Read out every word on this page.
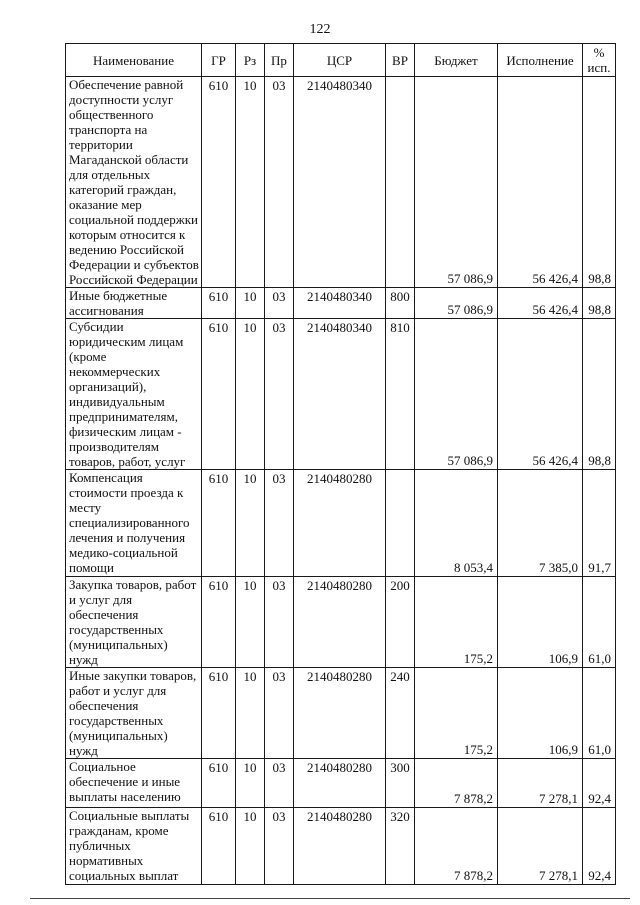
122
Наименование	ГР	Рз	Пр	ЦСР	ВР	Бюджет	Исполнение	% исп.
Обеспечение равной доступности услуг общественного транспорта на территории Магаданской области для отдельных категорий граждан, оказание мер социальной поддержки которым относится к ведению Российской Федерации и субъектов Российской Федерации	610	10	03	2140480340		57 086,9	56 426,4	98,8
Иные бюджетные ассигнования	610	10	03	2140480340	800	57 086,9	56 426,4	98,8
Субсидии юридическим лицам (кроме некоммерческих организаций), индивидуальным предпринимателям, физическим лицам - производителям товаров, работ, услуг	610	10	03	2140480340	810	57 086,9	56 426,4	98,8
Компенсация стоимости проезда к месту специализированного лечения и получения медико-социальной помощи	610	10	03	2140480280		8 053,4	7 385,0	91,7
Закупка товаров, работ и услуг для обеспечения государственных (муниципальных) нужд	610	10	03	2140480280	200	175,2	106,9	61,0
Иные закупки товаров, работ и услуг для обеспечения государственных (муниципальных) нужд	610	10	03	2140480280	240	175,2	106,9	61,0
Социальное обеспечение и иные выплаты населению	610	10	03	2140480280	300	7 878,2	7 278,1	92,4
Социальные выплаты гражданам, кроме публичных нормативных социальных выплат	610	10	03	2140480280	320	7 878,2	7 278,1	92,4
